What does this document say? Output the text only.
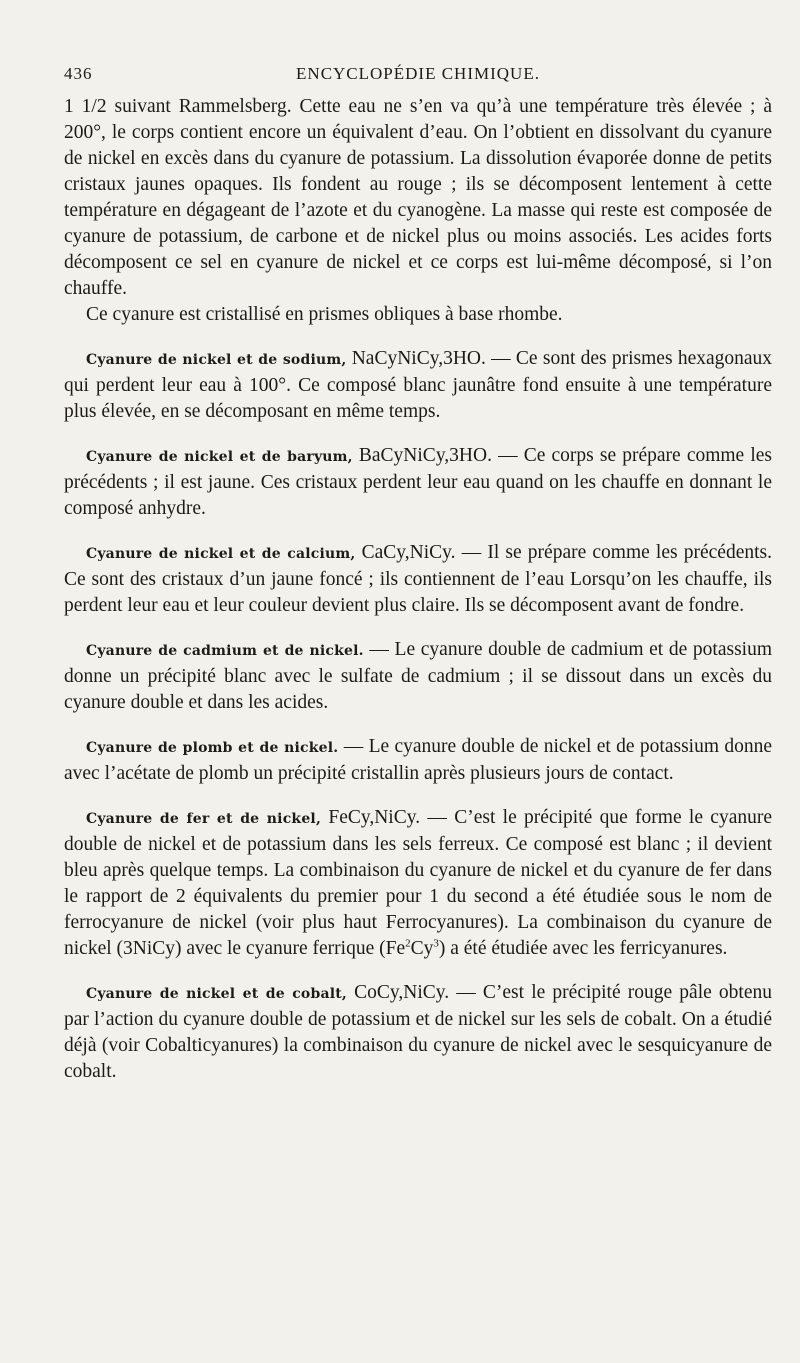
436	ENCYCLOPÉDIE CHIMIQUE.

1 1/2 suivant Rammelsberg. Cette eau ne s’en va qu’à une température très élevée ; à 200°, le corps contient encore un équivalent d’eau. On l’obtient en dissolvant du cyanure de nickel en excès dans du cyanure de potassium. La dissolution évaporée donne de petits cristaux jaunes opaques. Ils fondent au rouge ; ils se décomposent lentement à cette température en dégageant de l’azote et du cyanogène. La masse qui reste est composée de cyanure de potassium, de carbone et de nickel plus ou moins associés. Les acides forts décomposent ce sel en cyanure de nickel et ce corps est lui-même décomposé, si l’on chauffe.

Ce cyanure est cristallisé en prismes obliques à base rhombe.

Cyanure de nickel et de sodium, NaCyNiCy,3HO. — Ce sont des prismes hexagonaux qui perdent leur eau à 100°. Ce composé blanc jaunâtre fond ensuite à une température plus élevée, en se décomposant en même temps.

Cyanure de nickel et de baryum, BaCyNiCy,3HO. — Ce corps se prépare comme les précédents ; il est jaune. Ces cristaux perdent leur eau quand on les chauffe en donnant le composé anhydre.

Cyanure de nickel et de calcium, CaCy,NiCy. — Il se prépare comme les précédents. Ce sont des cristaux d’un jaune foncé ; ils contiennent de l’eau Lorsqu’on les chauffe, ils perdent leur eau et leur couleur devient plus claire. Ils se décomposent avant de fondre.

Cyanure de cadmium et de nickel. — Le cyanure double de cadmium et de potassium donne un précipité blanc avec le sulfate de cadmium ; il se dissout dans un excès du cyanure double et dans les acides.

Cyanure de plomb et de nickel. — Le cyanure double de nickel et de potassium donne avec l’acétate de plomb un précipité cristallin après plusieurs jours de contact.

Cyanure de fer et de nickel, FeCy,NiCy. — C’est le précipité que forme le cyanure double de nickel et de potassium dans les sels ferreux. Ce composé est blanc ; il devient bleu après quelque temps. La combinaison du cyanure de nickel et du cyanure de fer dans le rapport de 2 équivalents du premier pour 1 du second a été étudiée sous le nom de ferrocyanure de nickel (voir plus haut Ferrocyanures). La combinaison du cyanure de nickel (3NiCy) avec le cyanure ferrique (Fe$^2$Cy$^3$) a été étudiée avec les ferricyanures.

Cyanure de nickel et de cobalt, CoCy,NiCy. — C’est le précipité rouge pâle obtenu par l’action du cyanure double de potassium et de nickel sur les sels de cobalt. On a étudié déjà (voir Cobalticyanures) la combinaison du cyanure de nickel avec le sesquicyanure de cobalt.
